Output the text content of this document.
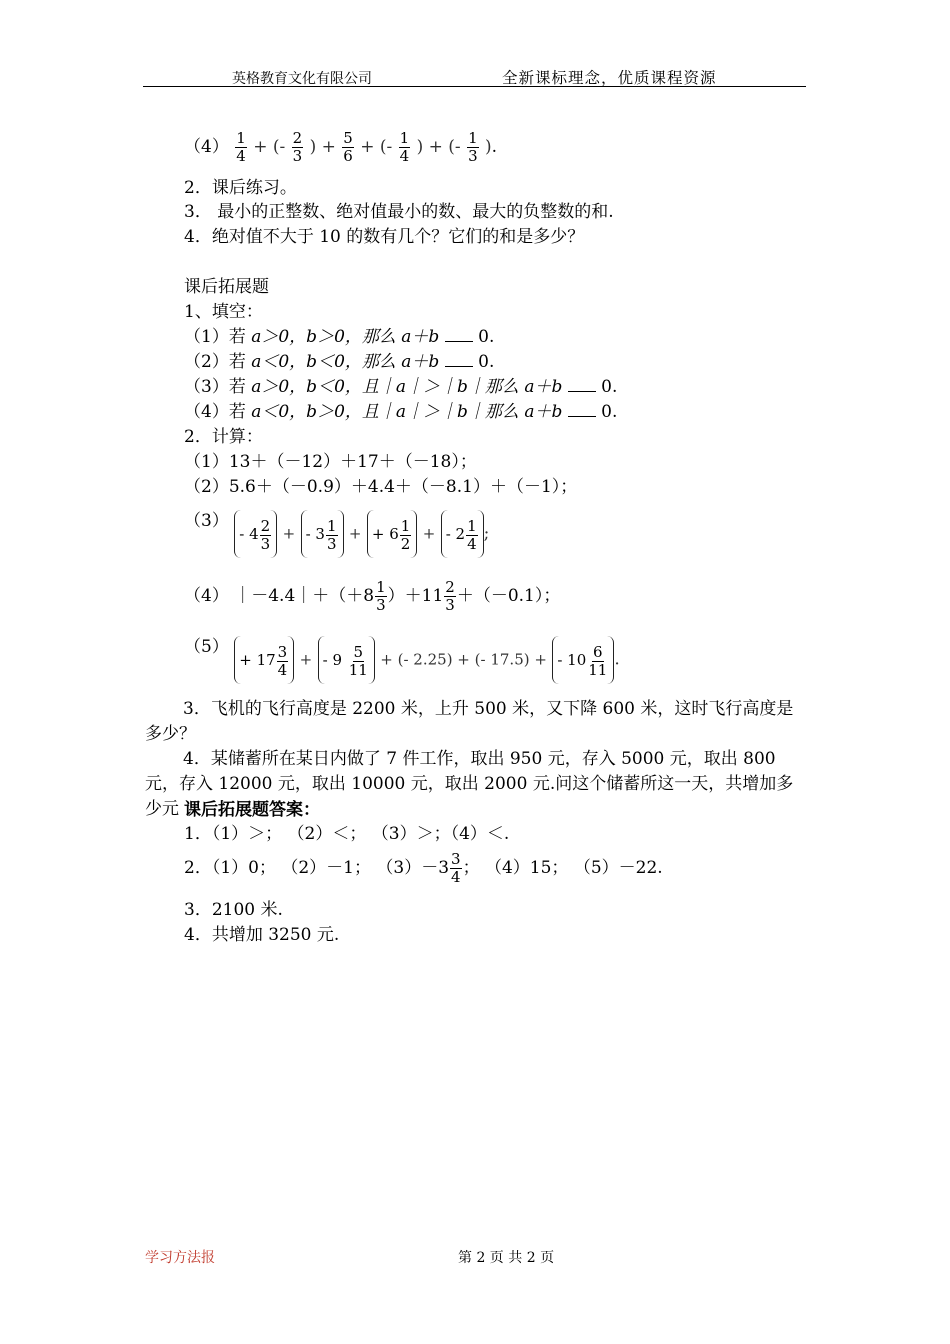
英格教育文化有限公司	全新课标理念，优质课程资源
$(4) \frac{1}{4}$ + (- $\frac{2}{3}$ ) + $\frac{5}{6}$ + (- $\frac{1}{4}$ ) + (- $\frac{1}{3}$ ).
2．课后练习。
3． 最小的正整数、绝对值最小的数、最大的负整数的和.
4．绝对值不大于 10 的数有几个？它们的和是多少？
课后拓展题
1、填空：
（1）若 a＞0，b＞0，那么 a＋b  0.
（2）若 a＜0，b＜0，那么 a＋b  0.
（3）若 a＞0，b＜0，且｜a｜＞｜b｜那么 a＋b  0.
（4）若 a＜0，b＞0，且｜a｜＞｜b｜那么 a＋b  0.
2．计算：
（1）13＋（－12）＋17＋（－18）；
（2）5.6＋（－0.9）＋4.4＋（－8.1）＋（－1）；
$(3) - 4 \frac{2}{3}$ + - $3 \frac{1}{3}$ + + $6 \frac{1}{2}$ + - $2 \frac{1}{4}$ ;
（4） ｜－4.4｜＋（＋8 $\frac{1}{3} )+11 \frac{2}{3} +(-0.1)$；
$(5) + 17 \frac{3}{4}$ + - $9 \frac{5}{11}$ + (- 2.25) + (- 17.5) + - $10 \frac{6}{11}$ .

3．飞机的飞行高度是 2200 米，上升 500 米，又下降 600 米，这时飞行高度是多少？

4．某储蓄所在某日内做了 7 件工作，取出 950 元，存入 5000 元，取出 800 元，存入 12000 元，取出 10000 元，取出 2000 元.问这个储蓄所这一天，共增加多少元 课后拓展题答案：
1．（1）＞； （2）＜； （3）＞；（4）＜.
2．（1）0； （2）－1； $(3)-3 \frac{3}{4}$ ； （4）15； （5）－22.
3．2100 米.
4．共增加 3250 元.
学习方法报	第 2 页 共 2 页
